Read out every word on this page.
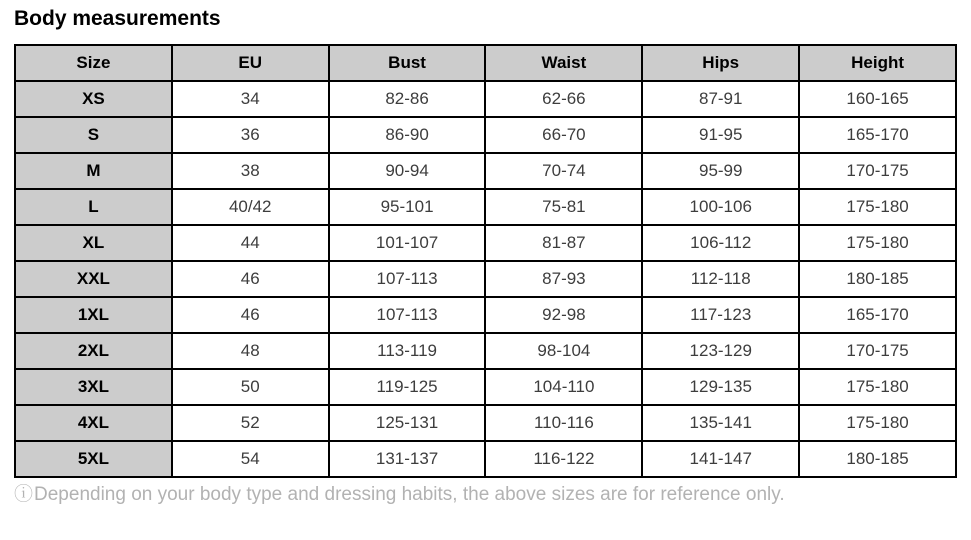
Body measurements
Size	EU	Bust	Waist	Hips	Height
XS	34	82-86	62-66	87-91	160-165
S	36	86-90	66-70	91-95	165-170
M	38	90-94	70-74	95-99	170-175
L	40/42	95-101	75-81	100-106	175-180
XL	44	101-107	81-87	106-112	175-180
XXL	46	107-113	87-93	112-118	180-185
1XL	46	107-113	92-98	117-123	165-170
2XL	48	113-119	98-104	123-129	170-175
3XL	50	119-125	104-110	129-135	175-180
4XL	52	125-131	110-116	135-141	175-180
5XL	54	131-137	116-122	141-147	180-185
ⓘDepending on your body type and dressing habits, the above sizes are for reference only.
